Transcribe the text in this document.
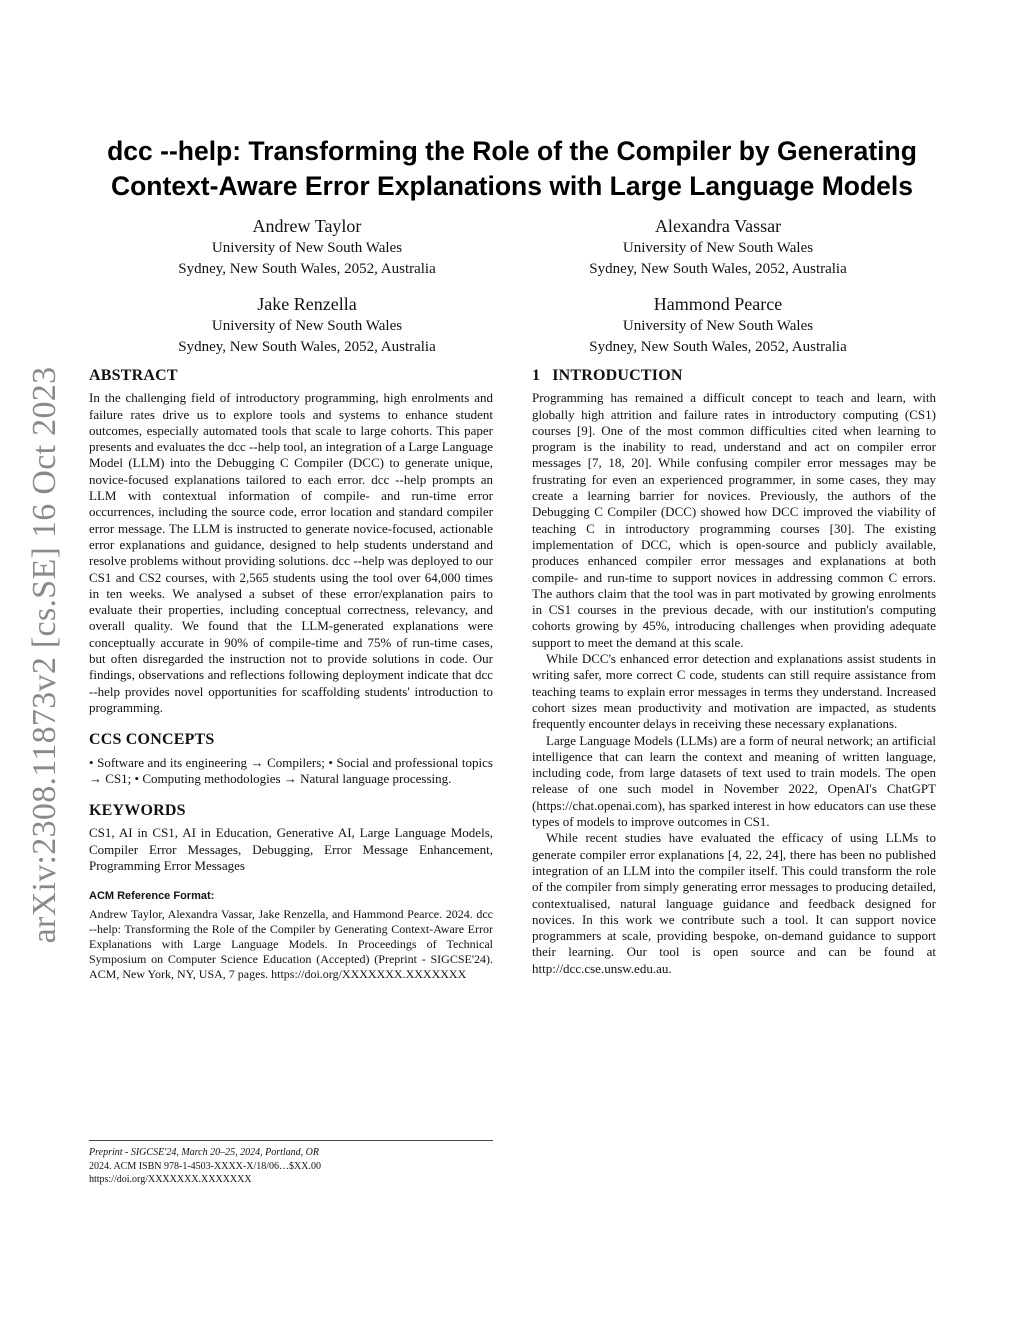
arXiv:2308.11873v2 [cs.SE] 16 Oct 2023
dcc --help: Transforming the Role of the Compiler by Generating
Context-Aware Error Explanations with Large Language Models
Andrew Taylor
University of New South Wales
Sydney, New South Wales, 2052, Australia
Alexandra Vassar
University of New South Wales
Sydney, New South Wales, 2052, Australia
Jake Renzella
University of New South Wales
Sydney, New South Wales, 2052, Australia
Hammond Pearce
University of New South Wales
Sydney, New South Wales, 2052, Australia
ABSTRACT

In the challenging field of introductory programming, high enrolments and failure rates drive us to explore tools and systems to enhance student outcomes, especially automated tools that scale to large cohorts. This paper presents and evaluates the dcc --help tool, an integration of a Large Language Model (LLM) into the Debugging C Compiler (DCC) to generate unique, novice-focused explanations tailored to each error. dcc --help prompts an LLM with contextual information of compile- and run-time error occurrences, including the source code, error location and standard compiler error message. The LLM is instructed to generate novice-focused, actionable error explanations and guidance, designed to help students understand and resolve problems without providing solutions. dcc --help was deployed to our CS1 and CS2 courses, with 2,565 students using the tool over 64,000 times in ten weeks. We analysed a subset of these error/explanation pairs to evaluate their properties, including conceptual correctness, relevancy, and overall quality. We found that the LLM-generated explanations were conceptually accurate in 90% of compile-time and 75% of run-time cases, but often disregarded the instruction not to provide solutions in code. Our findings, observations and reflections following deployment indicate that dcc --help provides novel opportunities for scaffolding students' introduction to programming.

CCS CONCEPTS

• Software and its engineering → Compilers; • Social and professional topics → CS1; • Computing methodologies → Natural language processing.

KEYWORDS

CS1, AI in CS1, AI in Education, Generative AI, Large Language Models, Compiler Error Messages, Debugging, Error Message Enhancement, Programming Error Messages

ACM Reference Format:

Andrew Taylor, Alexandra Vassar, Jake Renzella, and Hammond Pearce. 2024. dcc --help: Transforming the Role of the Compiler by Generating Context-Aware Error Explanations with Large Language Models. In Proceedings of Technical Symposium on Computer Science Education (Accepted) (Preprint - SIGCSE'24). ACM, New York, NY, USA, 7 pages. https://doi.org/XXXXXXX.XXXXXXX

Preprint - SIGCSE'24, March 20–25, 2024, Portland, OR
2024. ACM ISBN 978-1-4503-XXXX-X/18/06…$XX.00
https://doi.org/XXXXXXX.XXXXXXX
1 INTRODUCTION

Programming has remained a difficult concept to teach and learn, with globally high attrition and failure rates in introductory computing (CS1) courses [9]. One of the most common difficulties cited when learning to program is the inability to read, understand and act on compiler error messages [7, 18, 20]. While confusing compiler error messages may be frustrating for even an experienced programmer, in some cases, they may create a learning barrier for novices. Previously, the authors of the Debugging C Compiler (DCC) showed how DCC improved the viability of teaching C in introductory programming courses [30]. The existing implementation of DCC, which is open-source and publicly available, produces enhanced compiler error messages and explanations at both compile- and run-time to support novices in addressing common C errors. The authors claim that the tool was in part motivated by growing enrolments in CS1 courses in the previous decade, with our institution's computing cohorts growing by 45%, introducing challenges when providing adequate support to meet the demand at this scale.

While DCC's enhanced error detection and explanations assist students in writing safer, more correct C code, students can still require assistance from teaching teams to explain error messages in terms they understand. Increased cohort sizes mean productivity and motivation are impacted, as students frequently encounter delays in receiving these necessary explanations.

Large Language Models (LLMs) are a form of neural network; an artificial intelligence that can learn the context and meaning of written language, including code, from large datasets of text used to train models. The open release of one such model in November 2022, OpenAI's ChatGPT (https://chat.openai.com), has sparked interest in how educators can use these types of models to improve outcomes in CS1.

While recent studies have evaluated the efficacy of using LLMs to generate compiler error explanations [4, 22, 24], there has been no published integration of an LLM into the compiler itself. This could transform the role of the compiler from simply generating error messages to producing detailed, contextualised, natural language guidance and feedback designed for novices. In this work we contribute such a tool. It can support novice programmers at scale, providing bespoke, on-demand guidance to support their learning. Our tool is open source and can be found at http://dcc.cse.unsw.edu.au.
